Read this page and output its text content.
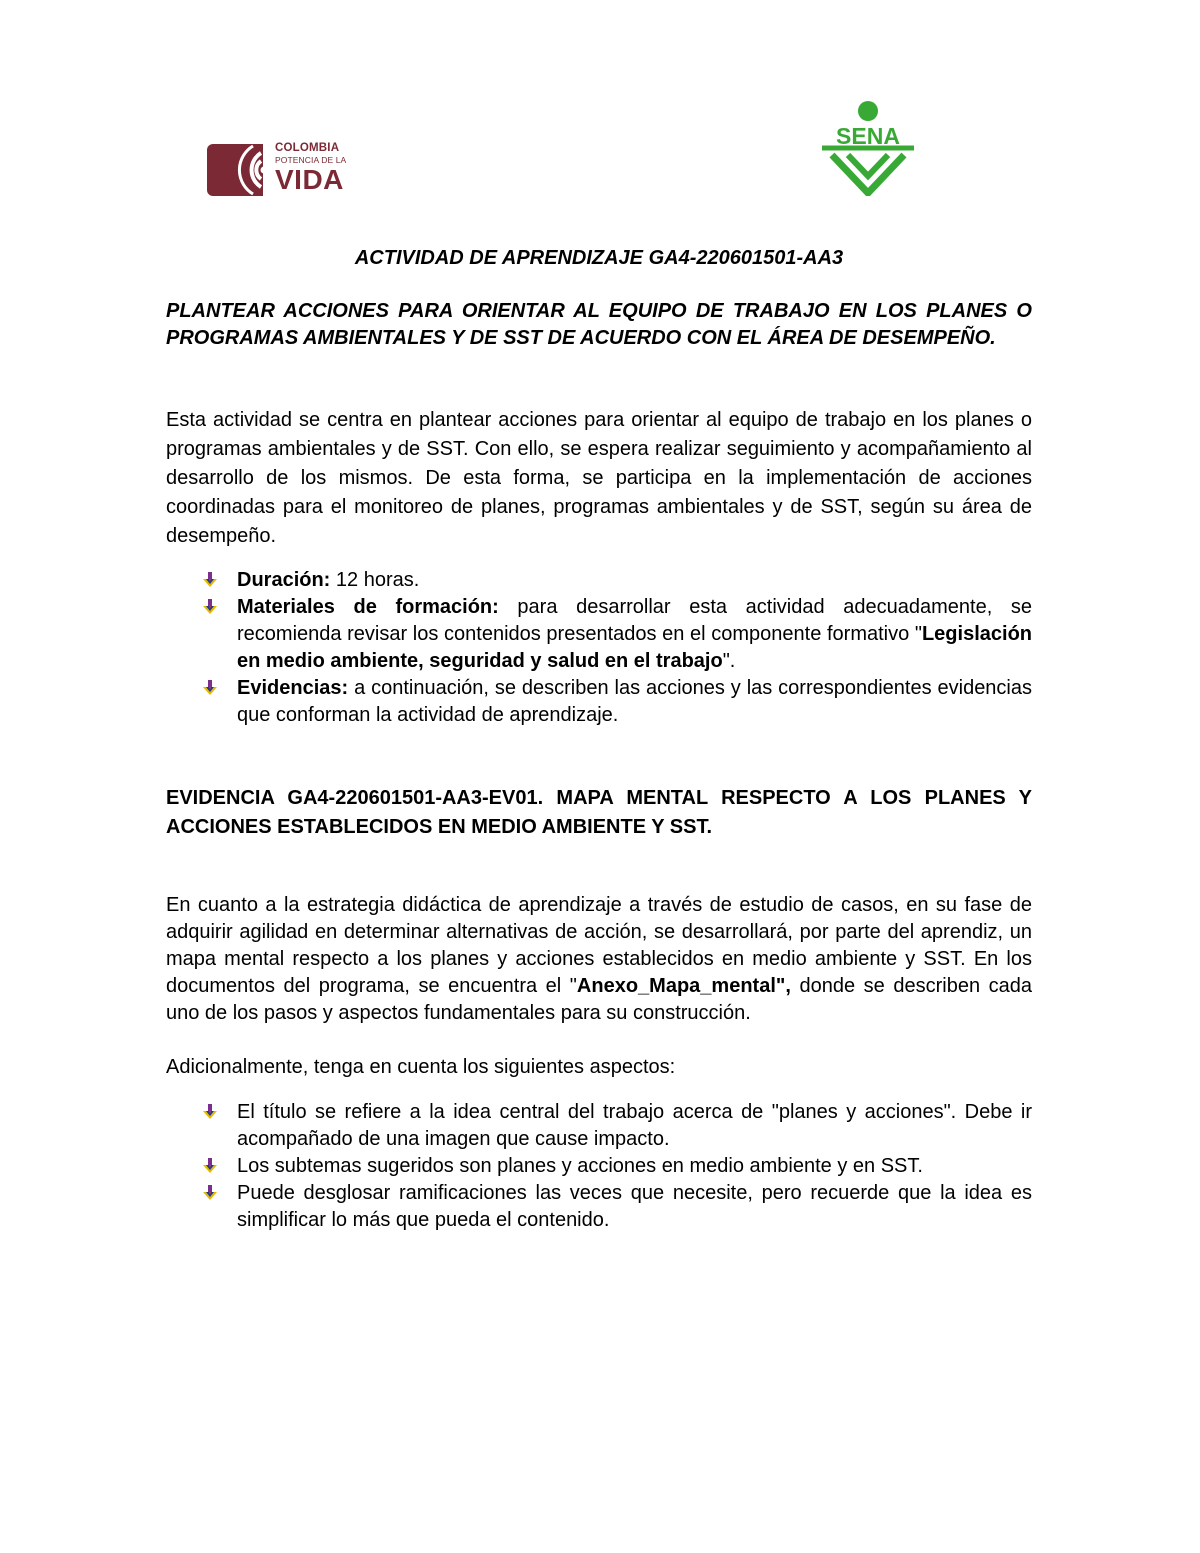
COLOMBIA
POTENCIA DE LA
VIDA
SENA

ACTIVIDAD DE APRENDIZAJE GA4-220601501-AA3

PLANTEAR ACCIONES PARA ORIENTAR AL EQUIPO DE TRABAJO EN LOS PLANES O PROGRAMAS AMBIENTALES Y DE SST DE ACUERDO CON EL ÁREA DE DESEMPEÑO.

Esta actividad se centra en plantear acciones para orientar al equipo de trabajo en los planes o programas ambientales y de SST. Con ello, se espera realizar seguimiento y acompañamiento al desarrollo de los mismos. De esta forma, se participa en la implementación de acciones coordinadas para el monitoreo de planes, programas ambientales y de SST, según su área de desempeño.

Duración: 12 horas.
Materiales de formación: para desarrollar esta actividad adecuadamente, se recomienda revisar los contenidos presentados en el componente formativo "Legislación en medio ambiente, seguridad y salud en el trabajo".
Evidencias: a continuación, se describen las acciones y las correspondientes evidencias que conforman la actividad de aprendizaje.

EVIDENCIA GA4-220601501-AA3-EV01. MAPA MENTAL RESPECTO A LOS PLANES Y ACCIONES ESTABLECIDOS EN MEDIO AMBIENTE Y SST.

En cuanto a la estrategia didáctica de aprendizaje a través de estudio de casos, en su fase de adquirir agilidad en determinar alternativas de acción, se desarrollará, por parte del aprendiz, un mapa mental respecto a los planes y acciones establecidos en medio ambiente y SST. En los documentos del programa, se encuentra el "Anexo_Mapa_mental", donde se describen cada uno de los pasos y aspectos fundamentales para su construcción.

Adicionalmente, tenga en cuenta los siguientes aspectos:

El título se refiere a la idea central del trabajo acerca de "planes y acciones". Debe ir acompañado de una imagen que cause impacto.
Los subtemas sugeridos son planes y acciones en medio ambiente y en SST.
Puede desglosar ramificaciones las veces que necesite, pero recuerde que la idea es simplificar lo más que pueda el contenido.
